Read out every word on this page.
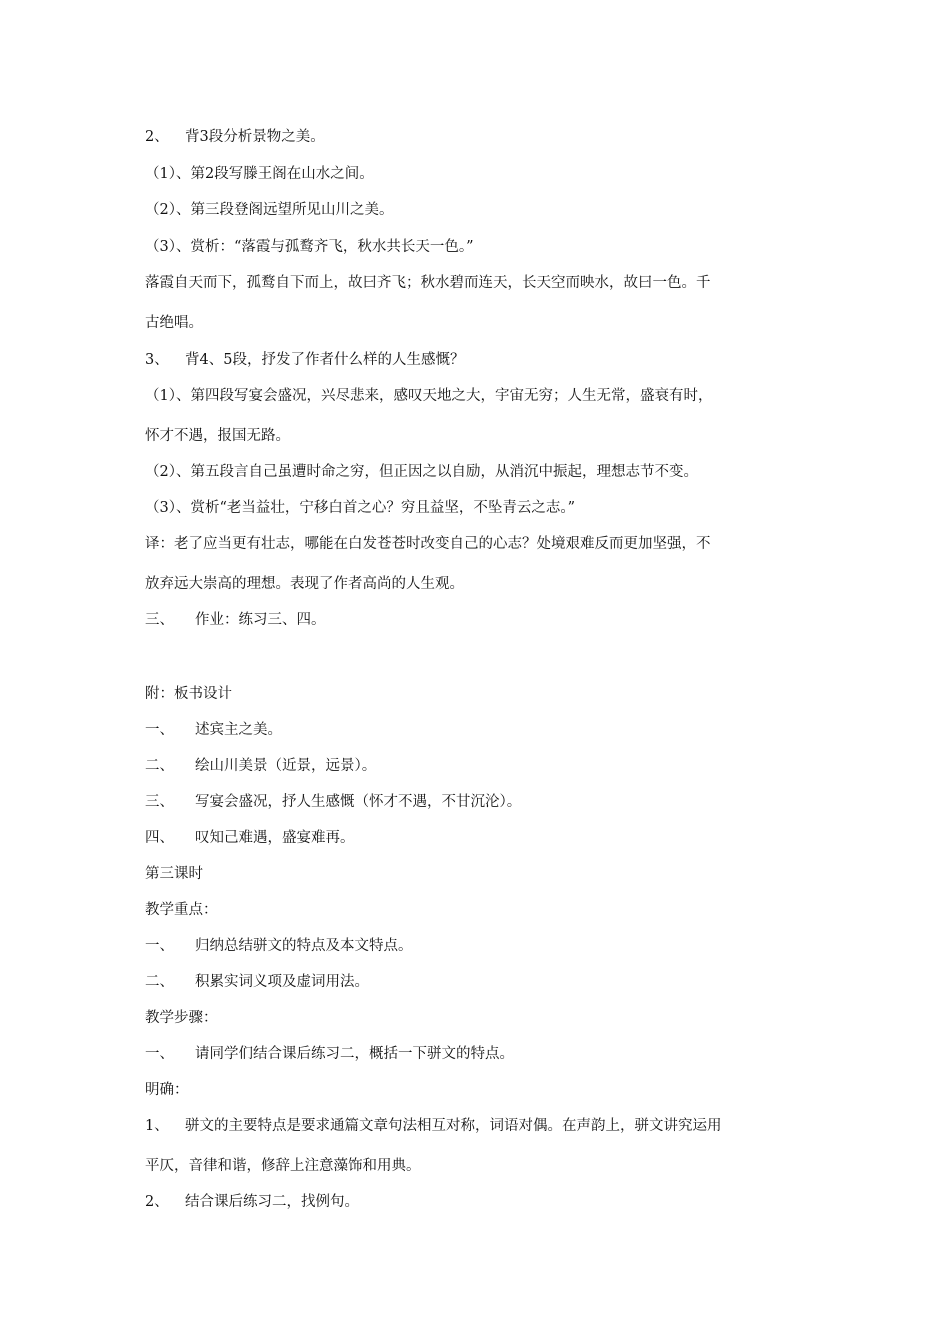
2、 背3段分析景物之美。
（1）、第2段写滕王阁在山水之间。
（2）、第三段登阁远望所见山川之美。
（3）、赏析：“落霞与孤鹜齐飞，秋水共长天一色。”
落霞自天而下，孤鹜自下而上，故曰齐飞；秋水碧而连天，长天空而映水，故曰一色。千
古绝唱。
3、 背4、5段，抒发了作者什么样的人生感慨？
（1）、第四段写宴会盛况，兴尽悲来，感叹天地之大，宇宙无穷；人生无常，盛衰有时，
怀才不遇，报国无路。
（2）、第五段言自己虽遭时命之穷，但正因之以自励，从消沉中振起，理想志节不变。
（3）、赏析“老当益壮，宁移白首之心？穷且益坚，不坠青云之志。”
译：老了应当更有壮志，哪能在白发苍苍时改变自己的心志？处境艰难反而更加坚强，不
放弃远大崇高的理想。表现了作者高尚的人生观。
三、 作业：练习三、四。
附：板书设计
一、 述宾主之美。
二、 绘山川美景（近景，远景）。
三、 写宴会盛况，抒人生感慨（怀才不遇，不甘沉沦）。
四、 叹知己难遇，盛宴难再。
第三课时
教学重点：
一、 归纳总结骈文的特点及本文特点。
二、 积累实词义项及虚词用法。
教学步骤：
一、 请同学们结合课后练习二，概括一下骈文的特点。
明确：
1、 骈文的主要特点是要求通篇文章句法相互对称，词语对偶。在声韵上，骈文讲究运用
平仄，音律和谐，修辞上注意藻饰和用典。
2、 结合课后练习二，找例句。
